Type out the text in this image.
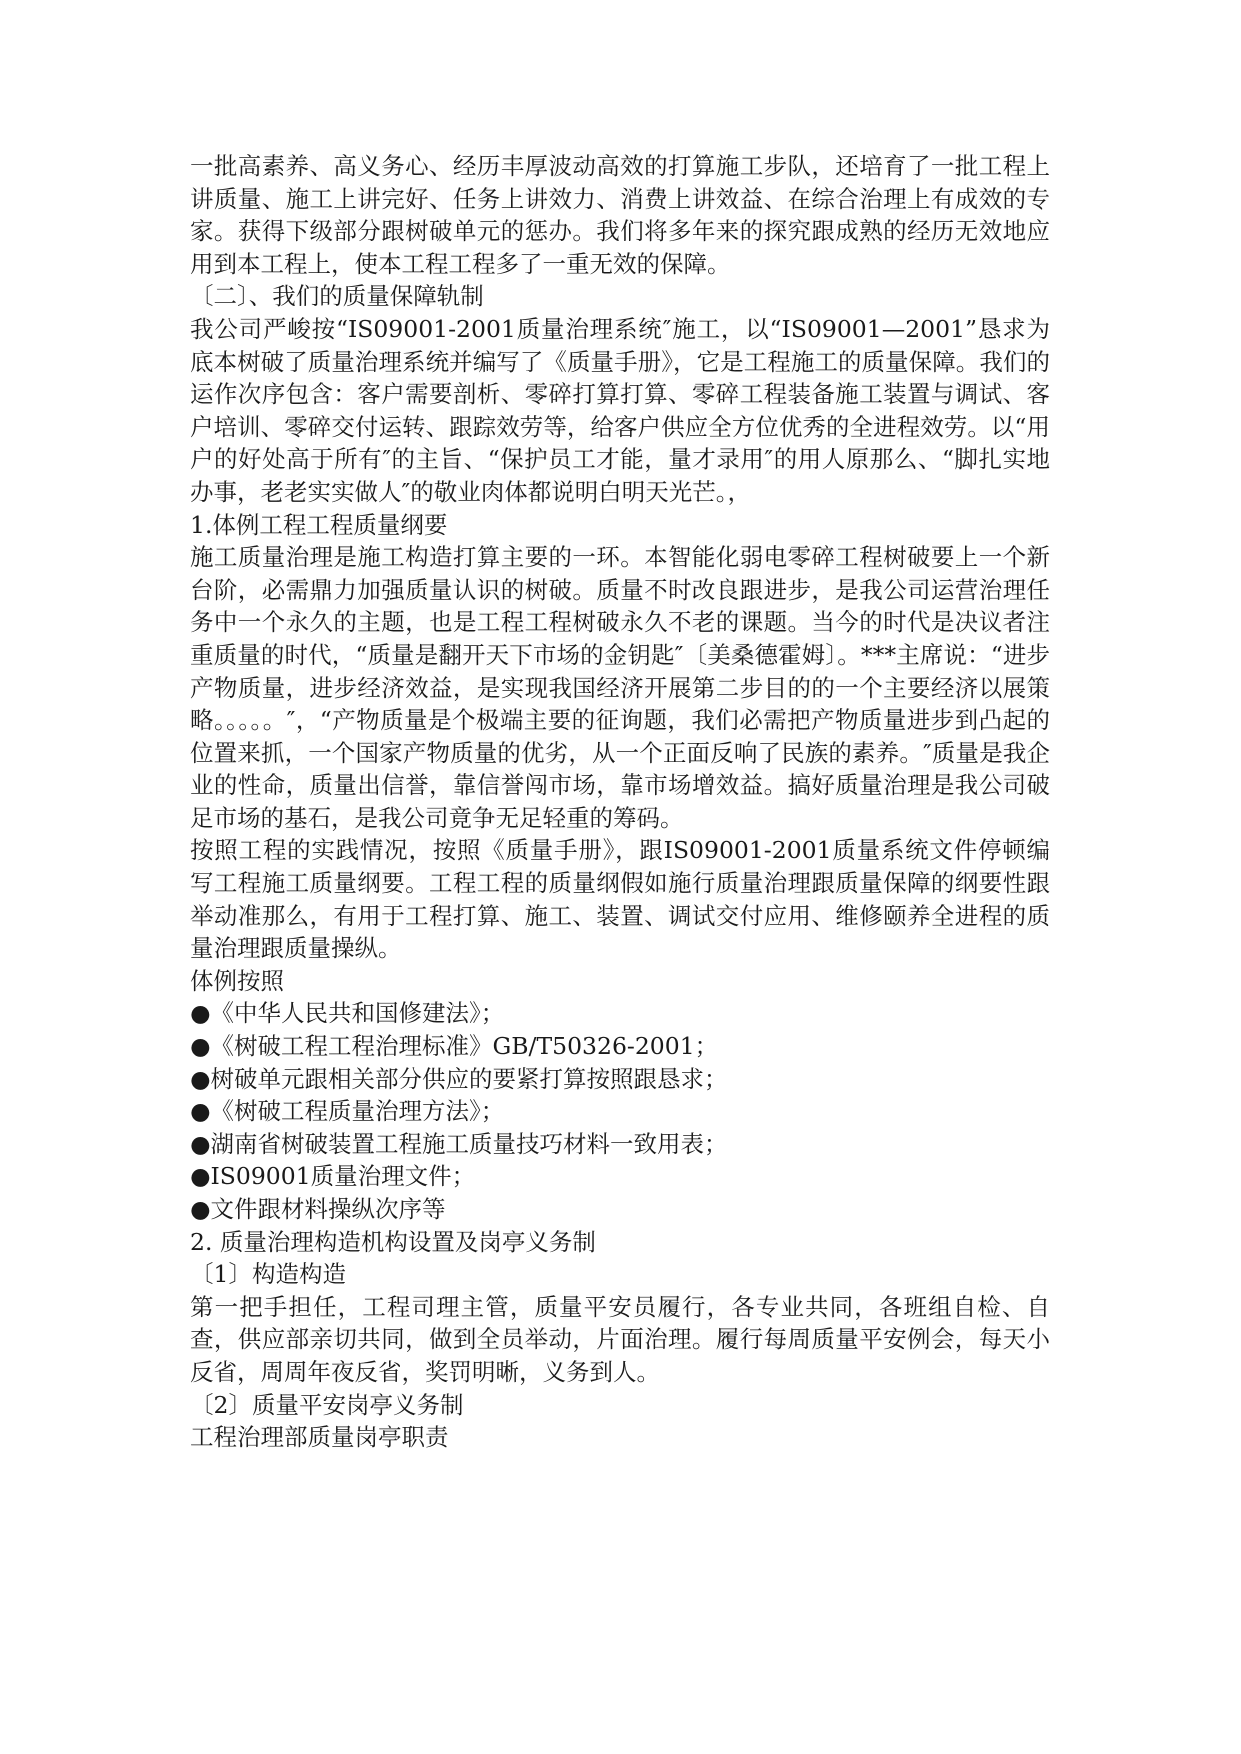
一批高素养、高义务心、经历丰厚波动高效的打算施工步队，还培育了一批工程上讲质量、施工上讲完好、任务上讲效力、消费上讲效益、在综合治理上有成效的专家。获得下级部分跟树破单元的惩办。我们将多年来的探究跟成熟的经历无效地应用到本工程上，使本工程工程多了一重无效的保障。

〔二〕、我们的质量保障轨制

我公司严峻按“IS09001-2001质量治理系统″施工，以“IS09001—2001”恳求为底本树破了质量治理系统并编写了《质量手册》，它是工程施工的质量保障。我们的运作次序包含：客户需要剖析、零碎打算打算、零碎工程装备施工装置与调试、客户培训、零碎交付运转、跟踪效劳等，给客户供应全方位优秀的全进程效劳。以“用户的好处高于所有″的主旨、“保护员工才能，量才录用″的用人原那么、“脚扎实地办事，老老实实做人″的敬业肉体都说明白明天光芒。，

1.体例工程工程质量纲要

施工质量治理是施工构造打算主要的一环。本智能化弱电零碎工程树破要上一个新台阶，必需鼎力加强质量认识的树破。质量不时改良跟进步，是我公司运营治理任务中一个永久的主题，也是工程工程树破永久不老的课题。当今的时代是决议者注重质量的时代，“质量是翻开天下市场的金钥匙″〔美桑德霍姆〕。***主席说：“进步产物质量，进步经济效益，是实现我国经济开展第二步目的的一个主要经济以展策略。。。。。″，“产物质量是个极端主要的征询题，我们必需把产物质量进步到凸起的位置来抓，一个国家产物质量的优劣，从一个正面反响了民族的素养。″质量是我企业的性命，质量出信誉，靠信誉闯市场，靠市场增效益。搞好质量治理是我公司破足市场的基石，是我公司竟争无足轻重的筹码。

按照工程的实践情况，按照《质量手册》，跟IS09001-2001质量系统文件停顿编写工程施工质量纲要。工程工程的质量纲假如施行质量治理跟质量保障的纲要性跟举动准那么，有用于工程打算、施工、装置、调试交付应用、维修颐养全进程的质量治理跟质量操纵。

体例按照

●《中华人民共和国修建法》；

●《树破工程工程治理标准》GB/T50326-2001；

●树破单元跟相关部分供应的要紧打算按照跟恳求；

●《树破工程质量治理方法》；

●湖南省树破装置工程施工质量技巧材料一致用表；

●IS09001质量治理文件；

●文件跟材料操纵次序等

2. 质量治理构造机构设置及岗亭义务制

〔1〕构造构造

第一把手担任，工程司理主管，质量平安员履行，各专业共同，各班组自检、自查，供应部亲切共同，做到全员举动，片面治理。履行每周质量平安例会，每天小反省，周周年夜反省，奖罚明晰，义务到人。

〔2〕质量平安岗亭义务制

工程治理部质量岗亭职责
